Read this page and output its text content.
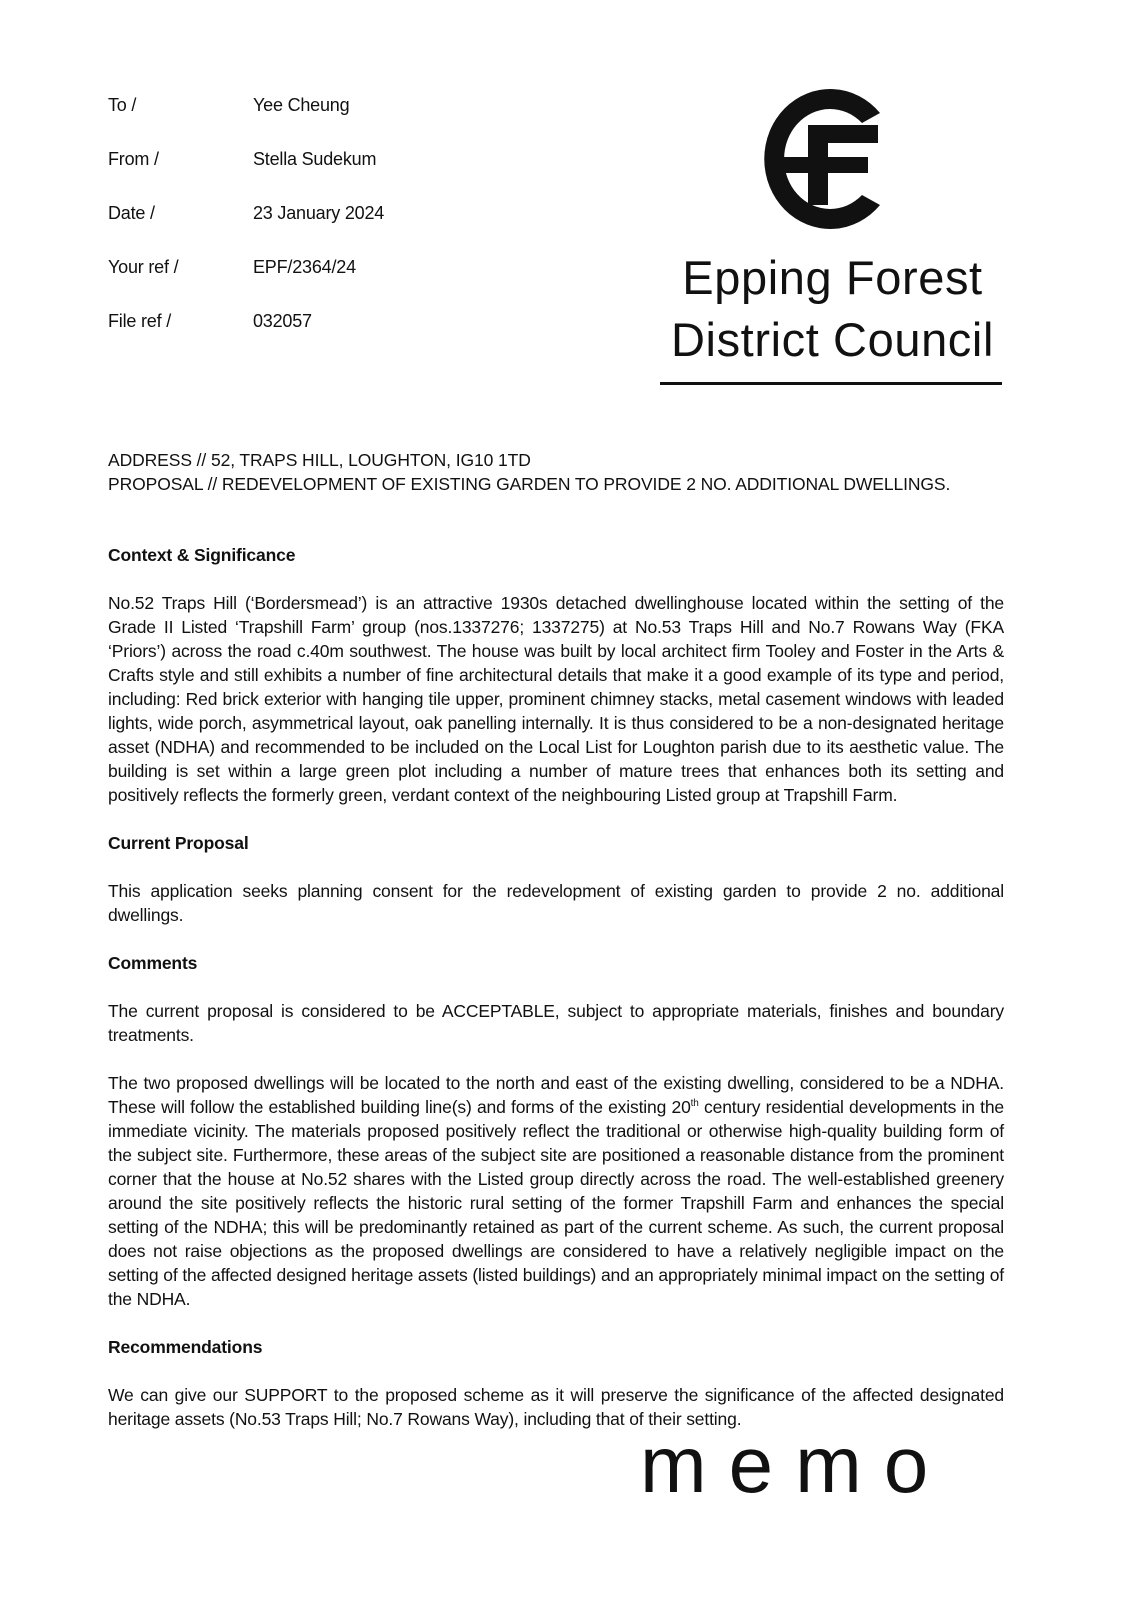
To /	Yee Cheung
From /	Stella Sudekum
Date /	23 January 2024
Your ref /	EPF/2364/24
File ref /	032057
Epping Forest
District Council
ADDRESS // 52, TRAPS HILL, LOUGHTON, IG10 1TD
PROPOSAL // REDEVELOPMENT OF EXISTING GARDEN TO PROVIDE 2 NO. ADDITIONAL DWELLINGS.
Context & Significance
No.52 Traps Hill (‘Bordersmead’) is an attractive 1930s detached dwellinghouse located within the setting of the Grade II Listed ‘Trapshill Farm’ group (nos.1337276; 1337275) at No.53 Traps Hill and No.7 Rowans Way (FKA ‘Priors’) across the road c.40m southwest. The house was built by local architect firm Tooley and Foster in the Arts & Crafts style and still exhibits a number of fine architectural details that make it a good example of its type and period, including: Red brick exterior with hanging tile upper, prominent chimney stacks, metal casement windows with leaded lights, wide porch, asymmetrical layout, oak panelling internally. It is thus considered to be a non-designated heritage asset (NDHA) and recommended to be included on the Local List for Loughton parish due to its aesthetic value. The building is set within a large green plot including a number of mature trees that enhances both its setting and positively reflects the formerly green, verdant context of the neighbouring Listed group at Trapshill Farm.
Current Proposal
This application seeks planning consent for the redevelopment of existing garden to provide 2 no. additional dwellings.
Comments
The current proposal is considered to be ACCEPTABLE, subject to appropriate materials, finishes and boundary treatments.
The two proposed dwellings will be located to the north and east of the existing dwelling, considered to be a NDHA. These will follow the established building line(s) and forms of the existing 20th century residential developments in the immediate vicinity. The materials proposed positively reflect the traditional or otherwise high-quality building form of the subject site. Furthermore, these areas of the subject site are positioned a reasonable distance from the prominent corner that the house at No.52 shares with the Listed group directly across the road. The well-established greenery around the site positively reflects the historic rural setting of the former Trapshill Farm and enhances the special setting of the NDHA; this will be predominantly retained as part of the current scheme. As such, the current proposal does not raise objections as the proposed dwellings are considered to have a relatively negligible impact on the setting of the affected designed heritage assets (listed buildings) and an appropriately minimal impact on the setting of the NDHA.
Recommendations
We can give our SUPPORT to the proposed scheme as it will preserve the significance of the affected designated heritage assets (No.53 Traps Hill; No.7 Rowans Way), including that of their setting.
memo
